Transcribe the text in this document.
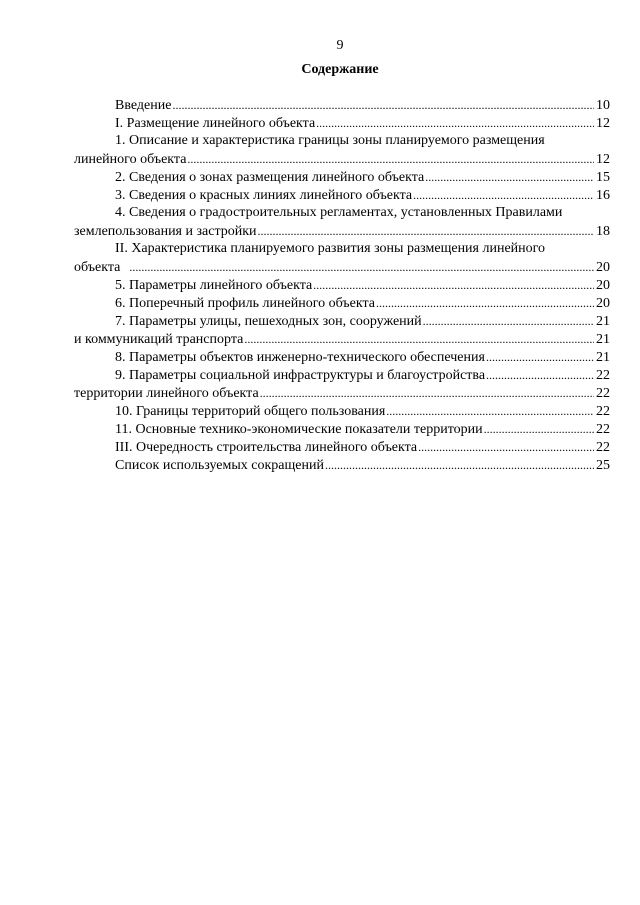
9
Содержание
Введение .....	10
I. Размещение линейного объекта .....	12
1. Описание и характеристика границы зоны планируемого размещения
линейного объекта .....	12
2. Сведения о зонах размещения линейного объекта .....	15
3. Сведения о красных линиях линейного объекта .....	16
4. Сведения о градостроительных регламентах, установленных Правилами
землепользования и застройки .....	18
II. Характеристика планируемого развития зоны размещения линейного
объекта .....	20
5. Параметры линейного объекта .....	20
6. Поперечный профиль линейного объекта .....	20
7. Параметры улицы, пешеходных зон, сооружений .....	21
и коммуникаций транспорта .....	21
8. Параметры объектов инженерно-технического обеспечения .....	21
9. Параметры социальной инфраструктуры и благоустройства .....	22
территории линейного объекта .....	22
10. Границы территорий общего пользования .....	22
11. Основные технико-экономические показатели территории .....	22
III. Очередность строительства линейного объекта .....	22
Список используемых сокращений .....	25
